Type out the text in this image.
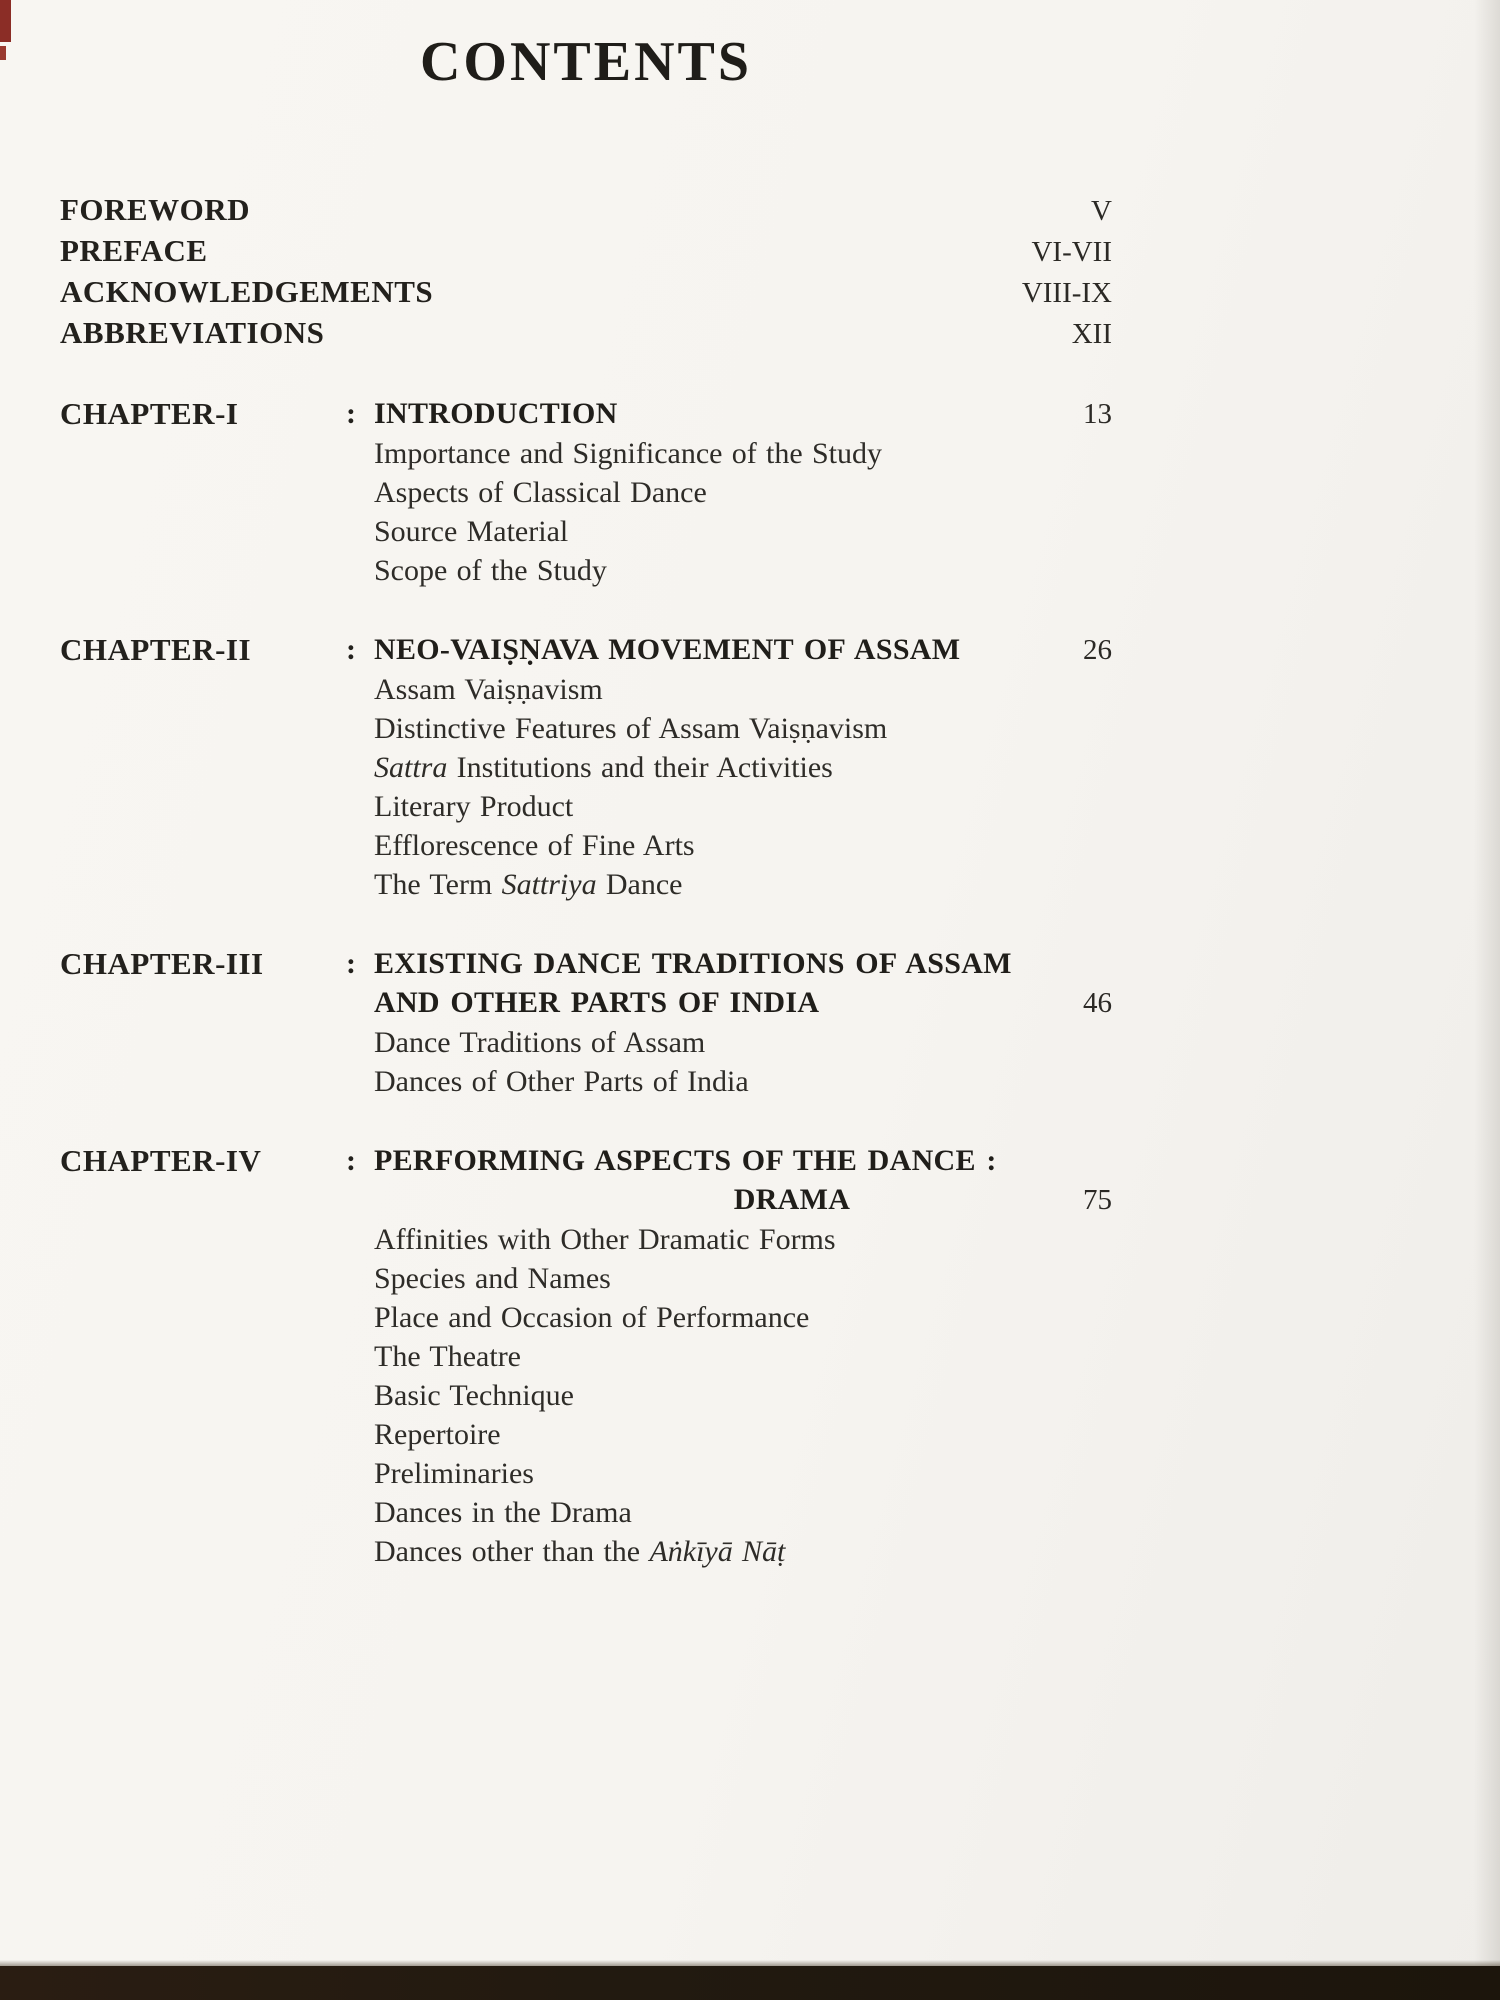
CONTENTS
FOREWORD	V
PREFACE	VI-VII
ACKNOWLEDGEMENTS	VIII-IX
ABBREVIATIONS	XII
CHAPTER-I	: INTRODUCTION	13
Importance and Significance of the Study
Aspects of Classical Dance
Source Material
Scope of the Study
CHAPTER-II	: NEO-VAIṢṆAVA MOVEMENT OF ASSAM	26
Assam Vaiṣṇavism
Distinctive Features of Assam Vaiṣṇavism
Sattra Institutions and their Activities
Literary Product
Efflorescence of Fine Arts
The Term Sattriya Dance
CHAPTER-III	: EXISTING DANCE TRADITIONS OF ASSAM
AND OTHER PARTS OF INDIA	46
Dance Traditions of Assam
Dances of Other Parts of India
CHAPTER-IV	: PERFORMING ASPECTS OF THE DANCE :
DRAMA	75
Affinities with Other Dramatic Forms
Species and Names
Place and Occasion of Performance
The Theatre
Basic Technique
Repertoire
Preliminaries
Dances in the Drama
Dances other than the Aṅkīyā Nāṭ
